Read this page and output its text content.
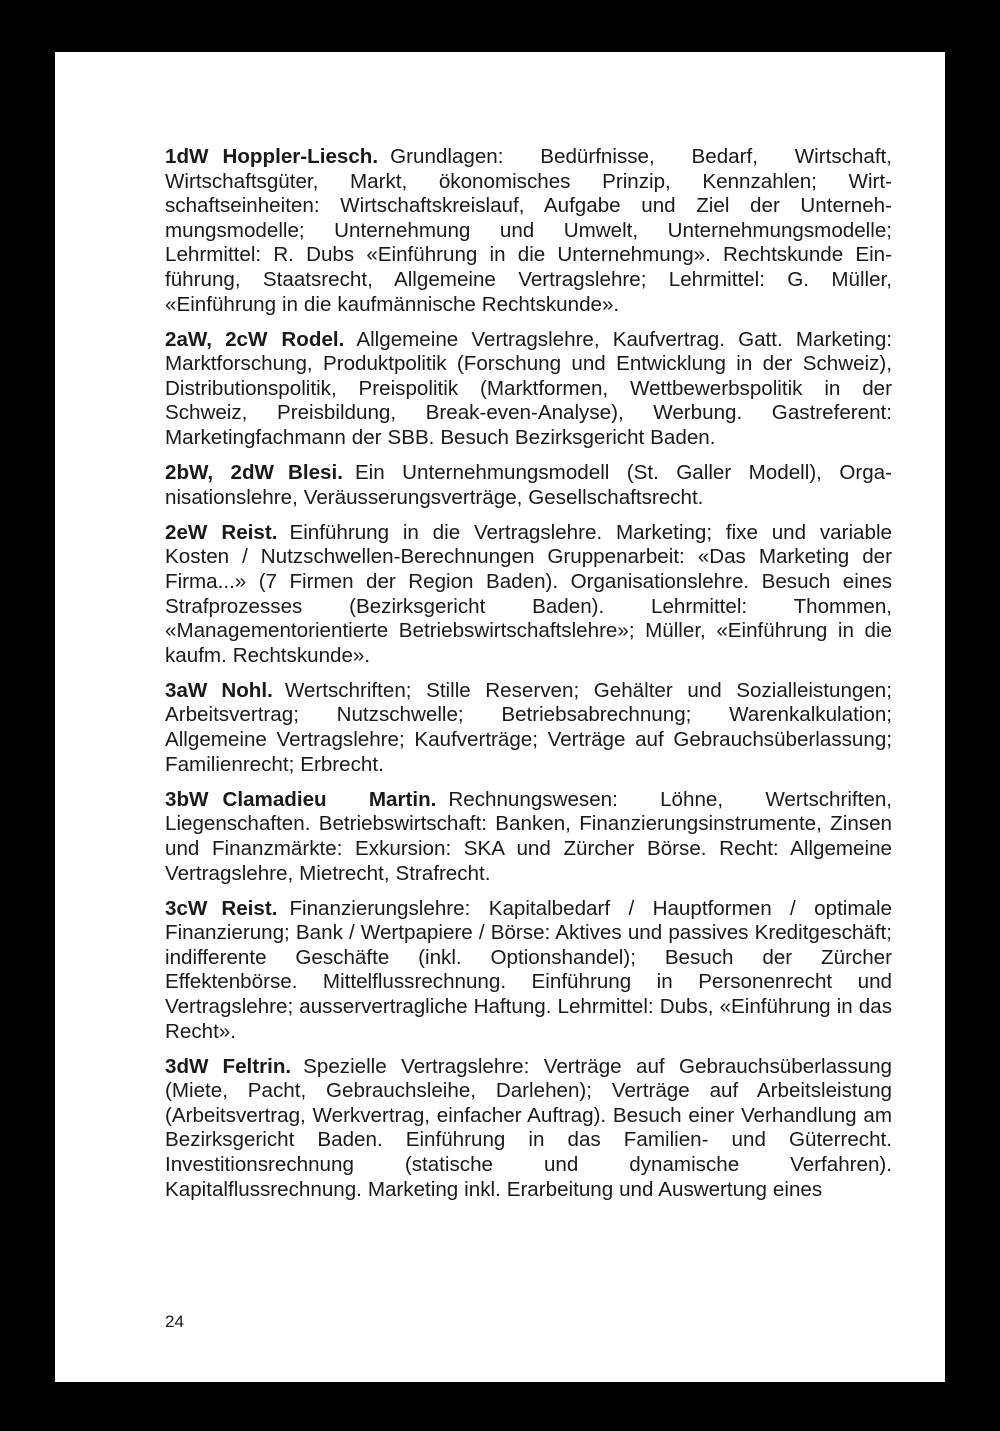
1dW Hoppler-Liesch. Grundlagen: Bedürfnisse, Bedarf, Wirtschaft, Wirtschaftsgüter, Markt, ökonomisches Prinzip, Kennzahlen; Wirtschaftseinheiten: Wirtschaftskreislauf, Aufgabe und Ziel der Unternehmungsmodelle; Unternehmung und Umwelt, Unternehmungsmodelle; Lehrmittel: R. Dubs «Einführung in die Unternehmung». Rechtskunde Einführung, Staatsrecht, Allgemeine Vertragslehre; Lehrmittel: G. Müller, «Einführung in die kaufmännische Rechtskunde».

2aW, 2cW Rodel. Allgemeine Vertragslehre, Kaufvertrag. Gatt. Marketing: Marktforschung, Produktpolitik (Forschung und Entwicklung in der Schweiz), Distributionspolitik, Preispolitik (Marktformen, Wettbewerbspolitik in der Schweiz, Preisbildung, Break-even-Analyse), Werbung. Gastreferent: Marketingfachmann der SBB. Besuch Bezirksgericht Baden.

2bW, 2dW Blesi. Ein Unternehmungsmodell (St. Galler Modell), Organisationslehre, Veräusserungsverträge, Gesellschaftsrecht.

2eW Reist. Einführung in die Vertragslehre. Marketing; fixe und variable Kosten / Nutzschwellen-Berechnungen Gruppenarbeit: «Das Marketing der Firma...» (7 Firmen der Region Baden). Organisationslehre. Besuch eines Strafprozesses (Bezirksgericht Baden). Lehrmittel: Thommen, «Managementorientierte Betriebswirtschaftslehre»; Müller, «Einführung in die kaufm. Rechtskunde».

3aW Nohl. Wertschriften; Stille Reserven; Gehälter und Sozialleistungen; Arbeitsvertrag; Nutzschwelle; Betriebsabrechnung; Warenkalkulation; Allgemeine Vertragslehre; Kaufverträge; Verträge auf Gebrauchsüberlassung; Familienrecht; Erbrecht.

3bW Clamadieu Martin. Rechnungswesen: Löhne, Wertschriften, Liegenschaften. Betriebswirtschaft: Banken, Finanzierungsinstrumente, Zinsen und Finanzmärkte: Exkursion: SKA und Zürcher Börse. Recht: Allgemeine Vertragslehre, Mietrecht, Strafrecht.

3cW Reist. Finanzierungslehre: Kapitalbedarf / Hauptformen / optimale Finanzierung; Bank / Wertpapiere / Börse: Aktives und passives Kreditgeschäft; indifferente Geschäfte (inkl. Optionshandel); Besuch der Zürcher Effektenbörse. Mittelflussrechnung. Einführung in Personenrecht und Vertragslehre; ausservertragliche Haftung. Lehrmittel: Dubs, «Einführung in das Recht».

3dW Feltrin. Spezielle Vertragslehre: Verträge auf Gebrauchsüberlassung (Miete, Pacht, Gebrauchsleihe, Darlehen); Verträge auf Arbeitsleistung (Arbeitsvertrag, Werkvertrag, einfacher Auftrag). Besuch einer Verhandlung am Bezirksgericht Baden. Einführung in das Familien- und Güterrecht. Investitionsrechnung (statische und dynamische Verfahren). Kapitalflussrechnung. Marketing inkl. Erarbeitung und Auswertung eines

24
